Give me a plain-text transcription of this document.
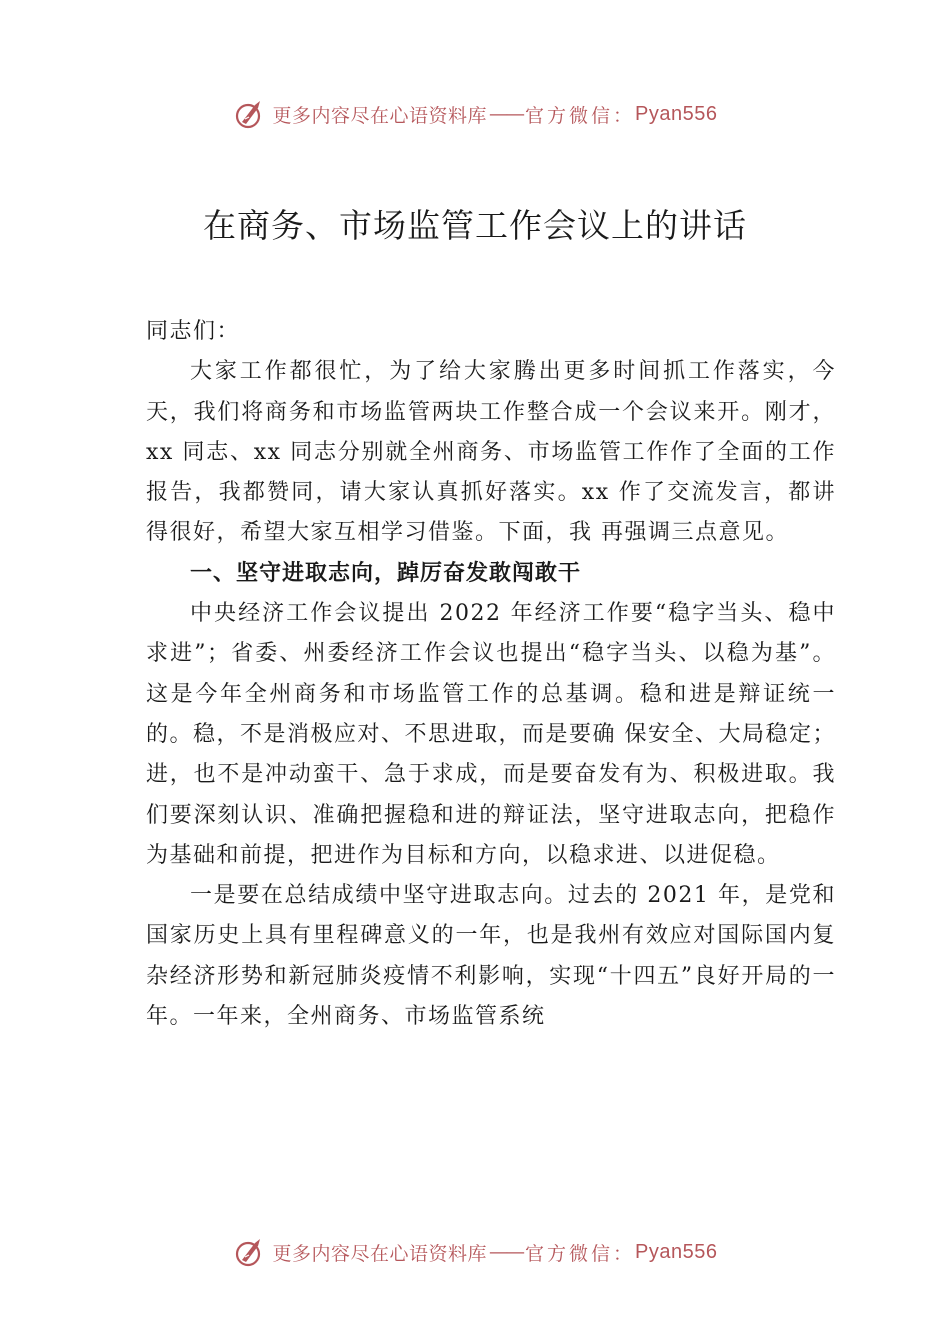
更多内容尽在心语资料库 —— 官方微信： Pyan556
在商务、市场监管工作会议上的讲话

同志们：

大家工作都很忙，为了给大家腾出更多时间抓工作落实，今天，我们将商务和市场监管两块工作整合成一个会议来开。刚才，xx 同志、xx 同志分别就全州商务、市场监管工作作了全面的工作报告，我都赞同，请大家认真抓好落实。xx 作了交流发言，都讲得很好，希望大家互相学习借鉴。下面，我 再强调三点意见。

一、坚守进取志向，踔厉奋发敢闯敢干

中央经济工作会议提出 2022 年经济工作要“稳字当头、稳中求进”；省委、州委经济工作会议也提出“稳字当头、以稳为基”。这是今年全州商务和市场监管工作的总基调。稳和进是辩证统一的。稳，不是消极应对、不思进取，而是要确 保安全、大局稳定；进，也不是冲动蛮干、急于求成，而是要奋发有为、积极进取。我们要深刻认识、准确把握稳和进的辩证法，坚守进取志向，把稳作为基础和前提，把进作为目标和方向，以稳求进、以进促稳。

一是要在总结成绩中坚守进取志向。过去的 2021 年，是党和国家历史上具有里程碑意义的一年，也是我州有效应对国际国内复杂经济形势和新冠肺炎疫情不利影响，实现“十四五”良好开局的一年。一年来，全州商务、市场监管系统

更多内容尽在心语资料库 —— 官方微信： Pyan556
